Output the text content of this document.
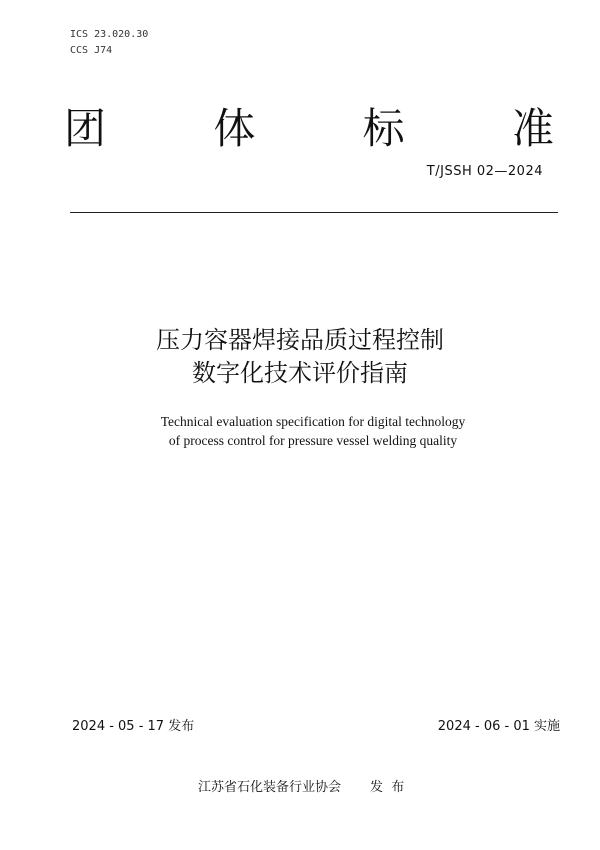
ICS 23.020.30
CCS J74
团	体	标	准
T/JSSH 02—2024
压力容器焊接品质过程控制
数字化技术评价指南
Technical evaluation specification for digital technology
of process control for pressure vessel welding quality
2024 - 05 - 17 发布	2024 - 06 - 01 实施
江苏省石化装备行业协会 发  布
